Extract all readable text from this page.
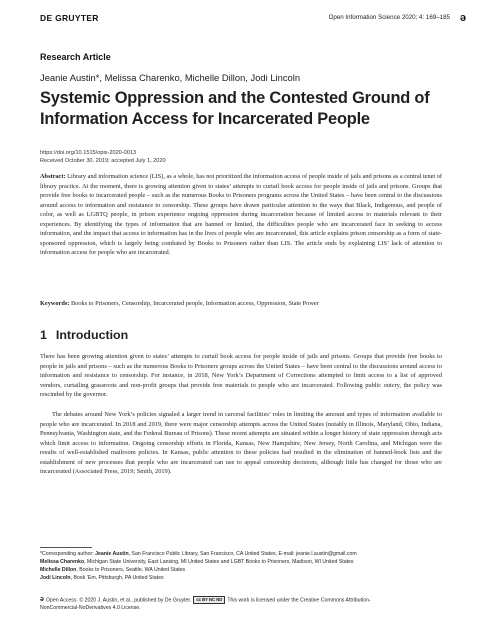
DE GRUYTER	Open Information Science 2020; 4: 169–185 ə
Research Article
Jeanie Austin*, Melissa Charenko, Michelle Dillon, Jodi Lincoln
Systemic Oppression and the Contested Ground of Information Access for Incarcerated People
https://doi.org/10.1515/opis-2020-0013
Received October 30, 2019; accepted July 1, 2020

Abstract: Library and information science (LIS), as a whole, has not prioritized the information access of people inside of jails and prisons as a central tenet of library practice. At the moment, there is growing attention given to states’ attempts to curtail book access for people inside of jails and prisons. Groups that provide free books to incarcerated people – such as the numerous Books to Prisoners programs across the United States – have been central to the discussions around access to information and resistance to censorship. These groups have drawn particular attention to the ways that Black, Indigenous, and people of color, as well as LGBTQ people, in prison experience ongoing oppression during incarceration because of limited access to materials relevant to their experiences. By identifying the types of information that are banned or limited, the difficulties people who are incarcerated face in seeking to access information, and the impact that access to information has in the lives of people who are incarcerated, this article explains prison censorship as a form of state-sponsored oppression, which is largely being combated by Books to Prisoners rather than LIS. The article ends by explaining LIS’ lack of attention to information access for people who are incarcerated.

Keywords: Books to Prisoners, Censorship, Incarcerated people, Information access, Oppression, State Power

1 Introduction

There has been growing attention given to states’ attempts to curtail book access for people inside of jails and prisons. Groups that provide free books to people in jails and prisons – such as the numerous Books to Prisoners groups across the United States – have been central to the discussions around access to information and resistance to censorship. For instance, in 2018, New York’s Department of Corrections attempted to limit access to a list of approved vendors, curtailing grassroots and non-profit groups that provide free materials to people who are incarcerated. Following public outcry, the policy was rescinded by the governor.

The debates around New York’s policies signaled a larger trend in carceral facilities’ roles in limiting the amount and types of information available to people who are incarcerated. In 2018 and 2019, there were major censorship attempts across the United States (notably in Illinois, Maryland, Ohio, Indiana, Pennsylvania, Washington state, and the Federal Bureau of Prisons). These recent attempts are situated within a longer history of state oppression through acts which limit access to information. Ongoing censorship efforts in Florida, Kansas, New Hampshire, New Jersey, North Carolina, and Michigan were the results of well-established mailroom policies. In Kansas, public attention to these policies had resulted in the elimination of banned-book lists and the establishment of new processes that people who are incarcerated can use to appeal censorship decisions, although little has changed for those who are incarcerated (Associated Press, 2019; Smith, 2019).

*Corresponding author: Jeanie Austin, San Francisco Public Library, San Francisco, CA United States, E-mail: jeanie.l.austin@gmail.com
Melissa Charenko, Michigan State University, East Lansing, MI United States and LGBT Books to Prisoners, Madison, WI United States
Michelle Dillon, Books to Prisoners, Seattle, WA United States
Jodi Lincoln, Book ’Em, Pittsburgh, PA United States
ə Open Access. © 2020 J. Austin, et al., published by De Gruyter. cc BY NC ND This work is licensed under the Creative Commons Attribution-
NonCommercial-NoDerivatives 4.0 License.
